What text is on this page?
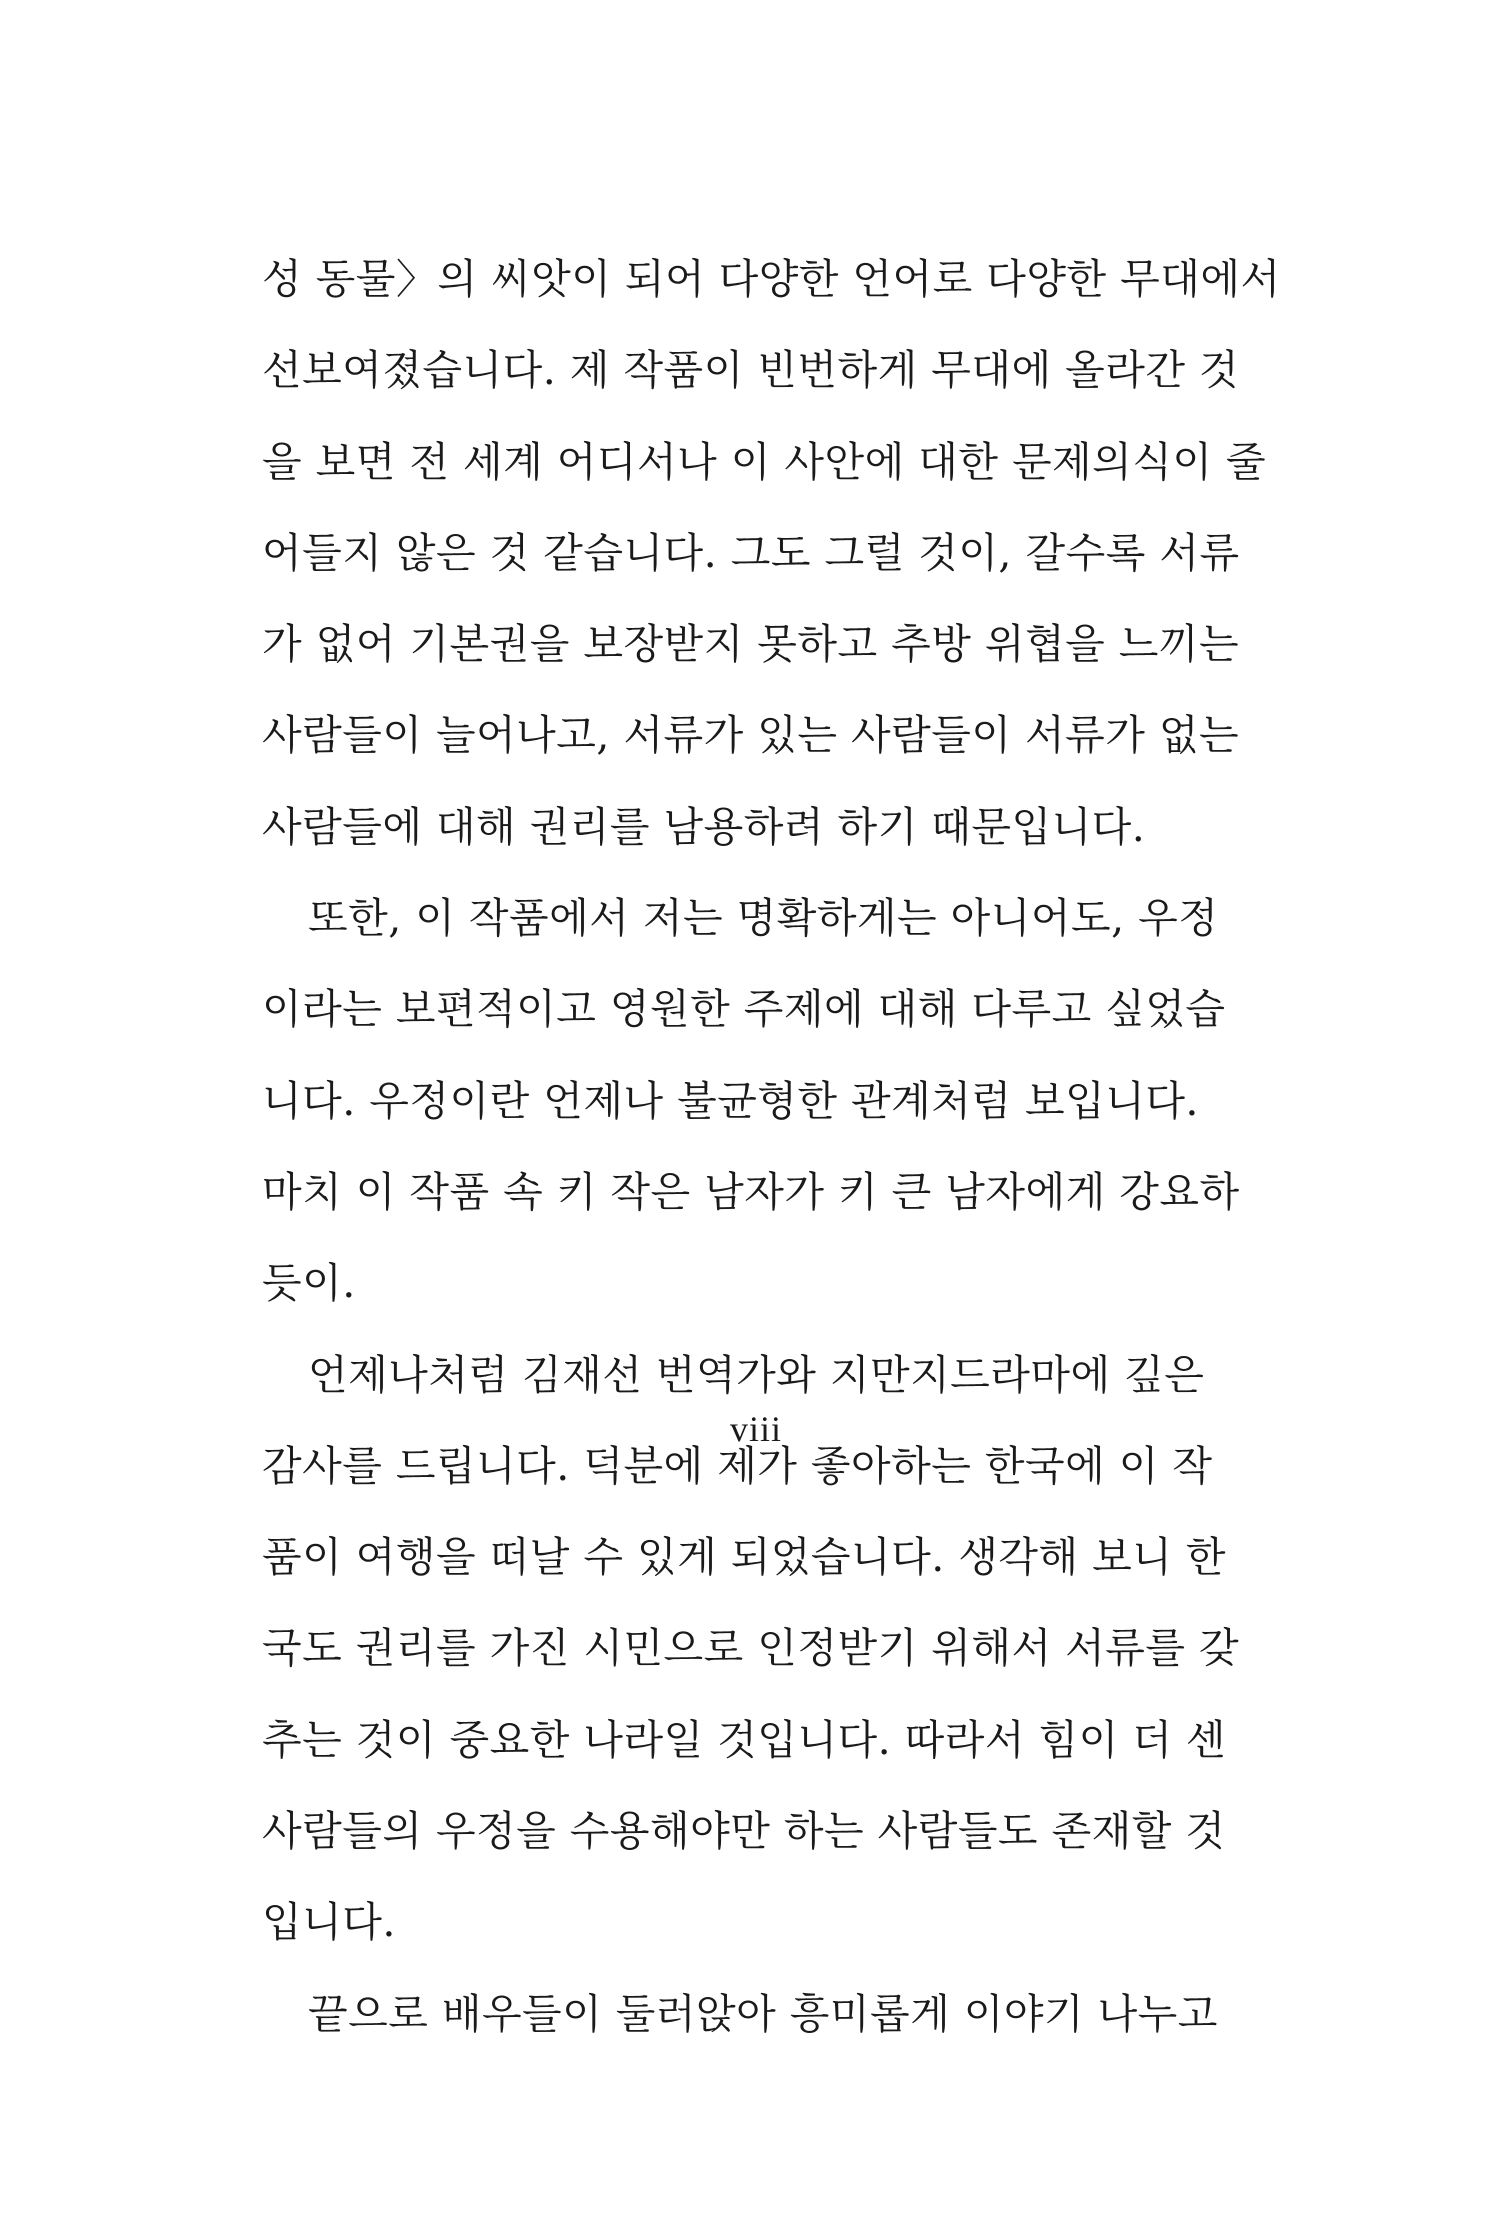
성 동물〉의 씨앗이 되어 다양한 언어로 다양한 무대에서
선보여졌습니다. 제 작품이 빈번하게 무대에 올라간 것
을 보면 전 세계 어디서나 이 사안에 대한 문제의식이 줄
어들지 않은 것 같습니다. 그도 그럴 것이, 갈수록 서류
가 없어 기본권을 보장받지 못하고 추방 위협을 느끼는
사람들이 늘어나고, 서류가 있는 사람들이 서류가 없는
사람들에 대해 권리를 남용하려 하기 때문입니다.
또한, 이 작품에서 저는 명확하게는 아니어도, 우정
이라는 보편적이고 영원한 주제에 대해 다루고 싶었습
니다. 우정이란 언제나 불균형한 관계처럼 보입니다.
마치 이 작품 속 키 작은 남자가 키 큰 남자에게 강요하
듯이.
언제나처럼 김재선 번역가와 지만지드라마에 깊은
감사를 드립니다. 덕분에 제가 좋아하는 한국에 이 작
품이 여행을 떠날 수 있게 되었습니다. 생각해 보니 한
국도 권리를 가진 시민으로 인정받기 위해서 서류를 갖
추는 것이 중요한 나라일 것입니다. 따라서 힘이 더 센
사람들의 우정을 수용해야만 하는 사람들도 존재할 것
입니다.
끝으로 배우들이 둘러앉아 흥미롭게 이야기 나누고
viii
